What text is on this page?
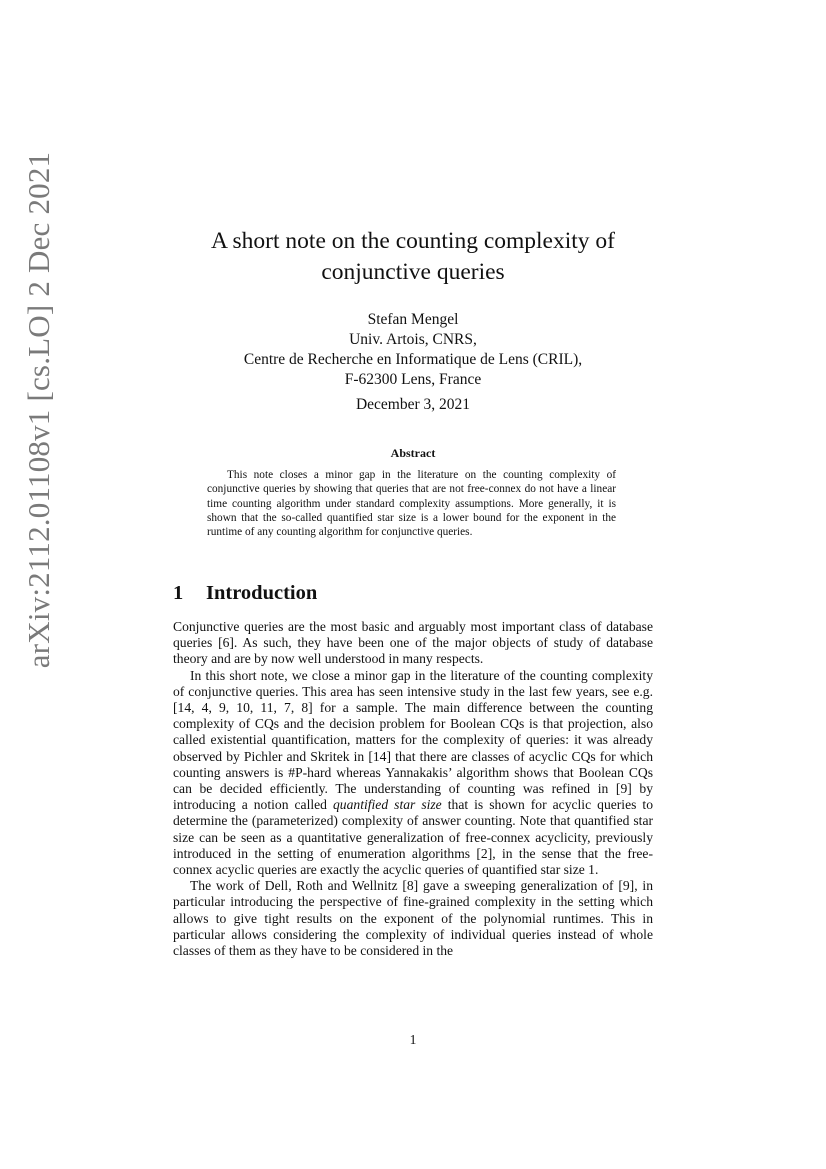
arXiv:2112.01108v1 [cs.LO] 2 Dec 2021	A short note on the counting complexity of conjunctive queries
Stefan Mengel
Univ. Artois, CNRS,
Centre de Recherche en Informatique de Lens (CRIL),
F-62300 Lens, France
December 3, 2021
Abstract

This note closes a minor gap in the literature on the counting complexity of conjunctive queries by showing that queries that are not free-connex do not have a linear time counting algorithm under standard complexity assumptions. More generally, it is shown that the so-called quantified star size is a lower bound for the exponent in the runtime of any counting algorithm for conjunctive queries.

1 Introduction

Conjunctive queries are the most basic and arguably most important class of database queries [6]. As such, they have been one of the major objects of study of database theory and are by now well understood in many respects.

In this short note, we close a minor gap in the literature of the counting complexity of conjunctive queries. This area has seen intensive study in the last few years, see e.g. [14, 4, 9, 10, 11, 7, 8] for a sample. The main difference between the counting complexity of CQs and the decision problem for Boolean CQs is that projection, also called existential quantification, matters for the complexity of queries: it was already observed by Pichler and Skritek in [14] that there are classes of acyclic CQs for which counting answers is #P-hard whereas Yannakakis’ algorithm shows that Boolean CQs can be decided efficiently. The understanding of counting was refined in [9] by introducing a notion called quantified star size that is shown for acyclic queries to determine the (parameterized) complexity of answer counting. Note that quantified star size can be seen as a quantitative generalization of free-connex acyclicity, previously introduced in the setting of enumeration algorithms [2], in the sense that the free-connex acyclic queries are exactly the acyclic queries of quantified star size 1.

The work of Dell, Roth and Wellnitz [8] gave a sweeping generalization of [9], in particular introducing the perspective of fine-grained complexity in the setting which allows to give tight results on the exponent of the polynomial runtimes. This in particular allows considering the complexity of individual queries instead of whole classes of them as they have to be considered in the

1
